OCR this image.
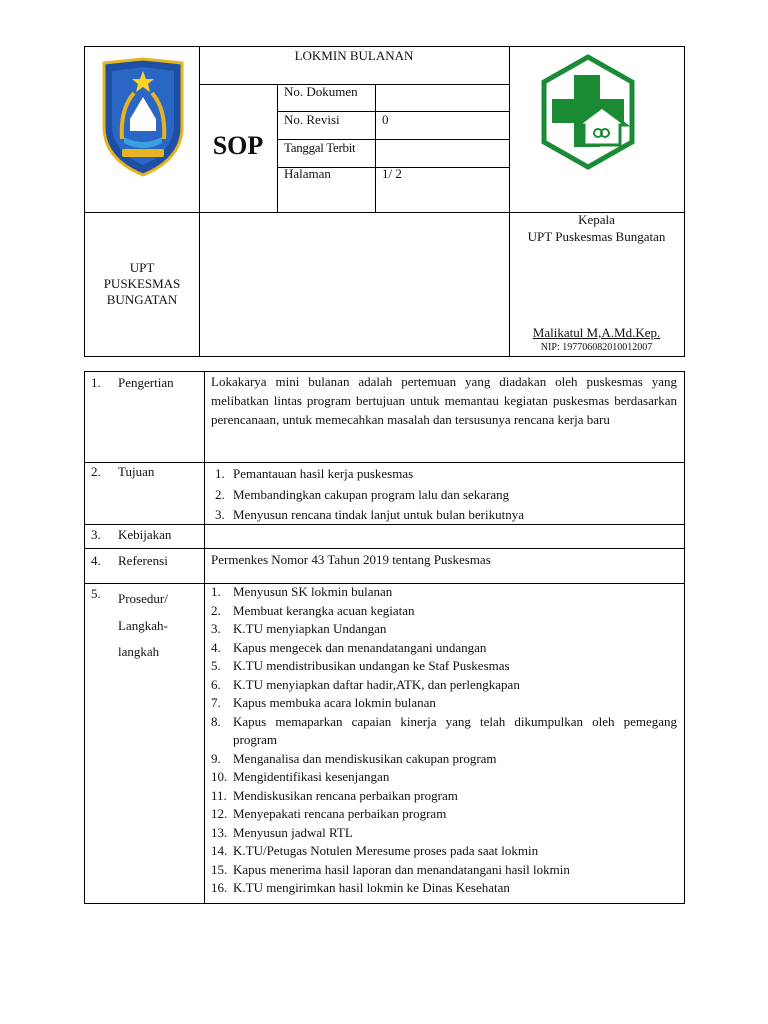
LOKMIN BULANAN
SOP
No. Dokumen
No. Revisi	0
Tanggal Terbit
Halaman	1/ 2
UPT
PUSKESMAS
BUNGATAN
Kepala
UPT Puskesmas Bungatan
Malikatul M,A.Md.Kep.
NIP: 197706082010012007
1. Pengertian	Lokakarya mini bulanan adalah pertemuan yang diadakan oleh puskesmas yang melibatkan lintas program bertujuan untuk memantau kegiatan puskesmas berdasarkan perencanaan, untuk memecahkan masalah dan tersusunya rencana kerja baru
2. Tujuan	1. Pemantauan hasil kerja puskesmas
2. Membandingkan cakupan program lalu dan sekarang
3. Menyusun rencana tindak lanjut untuk bulan berikutnya
3. Kebijakan
4. Referensi	Permenkes Nomor 43 Tahun 2019 tentang Puskesmas
5. Prosedur/
Langkah-
langkah
1. Menyusun SK lokmin bulanan
2. Membuat kerangka acuan kegiatan
3. K.TU menyiapkan Undangan
4. Kapus mengecek dan menandatangani undangan
5. K.TU mendistribusikan undangan ke Staf Puskesmas
6. K.TU menyiapkan daftar hadir,ATK, dan perlengkapan
7. Kapus membuka acara lokmin bulanan
8. Kapus memaparkan capaian kinerja yang telah dikumpulkan oleh pemegang program
9. Menganalisa dan mendiskusikan cakupan program
10. Mengidentifikasi kesenjangan
11. Mendiskusikan rencana perbaikan program
12. Menyepakati rencana perbaikan program
13. Menyusun jadwal RTL
14. K.TU/Petugas Notulen Meresume proses pada saat lokmin
15. Kapus menerima hasil laporan dan menandatangani hasil lokmin
16. K.TU mengirimkan hasil lokmin ke Dinas Kesehatan
